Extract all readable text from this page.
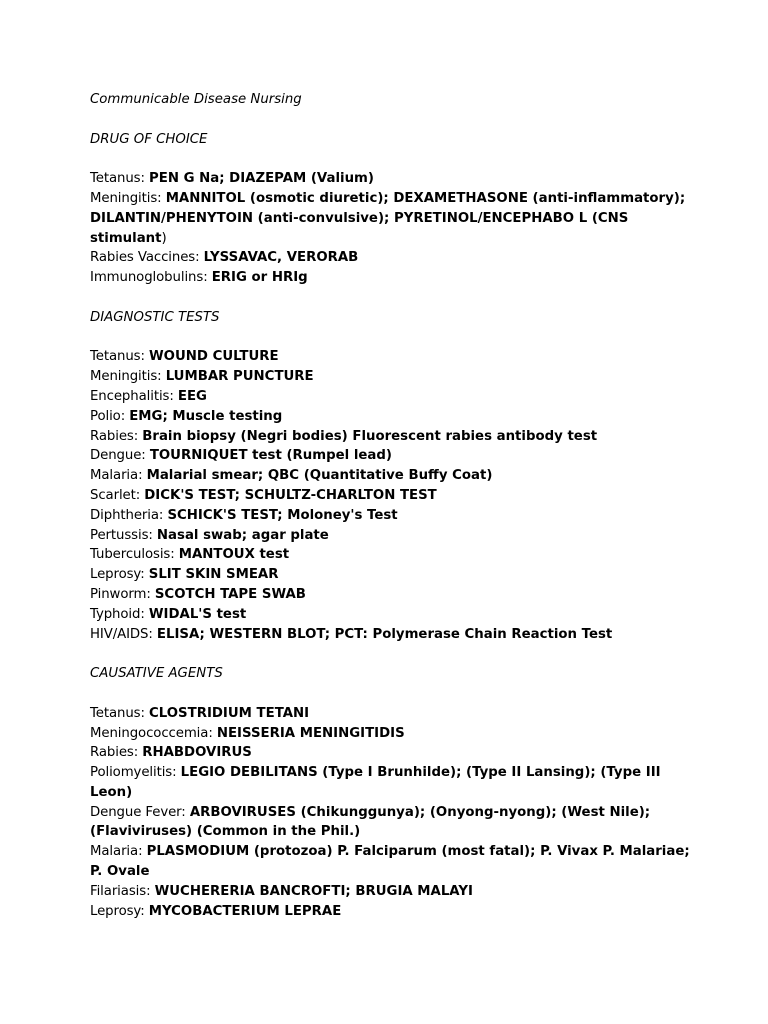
Communicable Disease Nursing

DRUG OF CHOICE

Tetanus: PEN G Na; DIAZEPAM (Valium)

Meningitis: MANNITOL (osmotic diuretic); DEXAMETHASONE (anti-inflammatory); DILANTIN/PHENYTOIN (anti-convulsive); PYRETINOL/ENCEPHABO L (CNS stimulant)

Rabies Vaccines: LYSSAVAC, VERORAB

Immunoglobulins: ERIG or HRIg

DIAGNOSTIC TESTS

Tetanus: WOUND CULTURE

Meningitis: LUMBAR PUNCTURE

Encephalitis: EEG

Polio: EMG; Muscle testing

Rabies: Brain biopsy (Negri bodies) Fluorescent rabies antibody test

Dengue: TOURNIQUET test (Rumpel lead)

Malaria: Malarial smear; QBC (Quantitative Buffy Coat)

Scarlet: DICK'S TEST; SCHULTZ-CHARLTON TEST

Diphtheria: SCHICK'S TEST; Moloney's Test

Pertussis: Nasal swab; agar plate

Tuberculosis: MANTOUX test

Leprosy: SLIT SKIN SMEAR

Pinworm: SCOTCH TAPE SWAB

Typhoid: WIDAL'S test

HIV/AIDS: ELISA; WESTERN BLOT; PCT: Polymerase Chain Reaction Test

CAUSATIVE AGENTS

Tetanus: CLOSTRIDIUM TETANI

Meningococcemia: NEISSERIA MENINGITIDIS

Rabies: RHABDOVIRUS

Poliomyelitis: LEGIO DEBILITANS (Type I Brunhilde); (Type II Lansing); (Type III Leon)

Dengue Fever: ARBOVIRUSES (Chikunggunya); (Onyong-nyong); (West Nile); (Flaviviruses) (Common in the Phil.)

Malaria: PLASMODIUM (protozoa) P. Falciparum (most fatal); P. Vivax P. Malariae; P. Ovale

Filariasis: WUCHERERIA BANCROFTI; BRUGIA MALAYI

Leprosy: MYCOBACTERIUM LEPRAE
